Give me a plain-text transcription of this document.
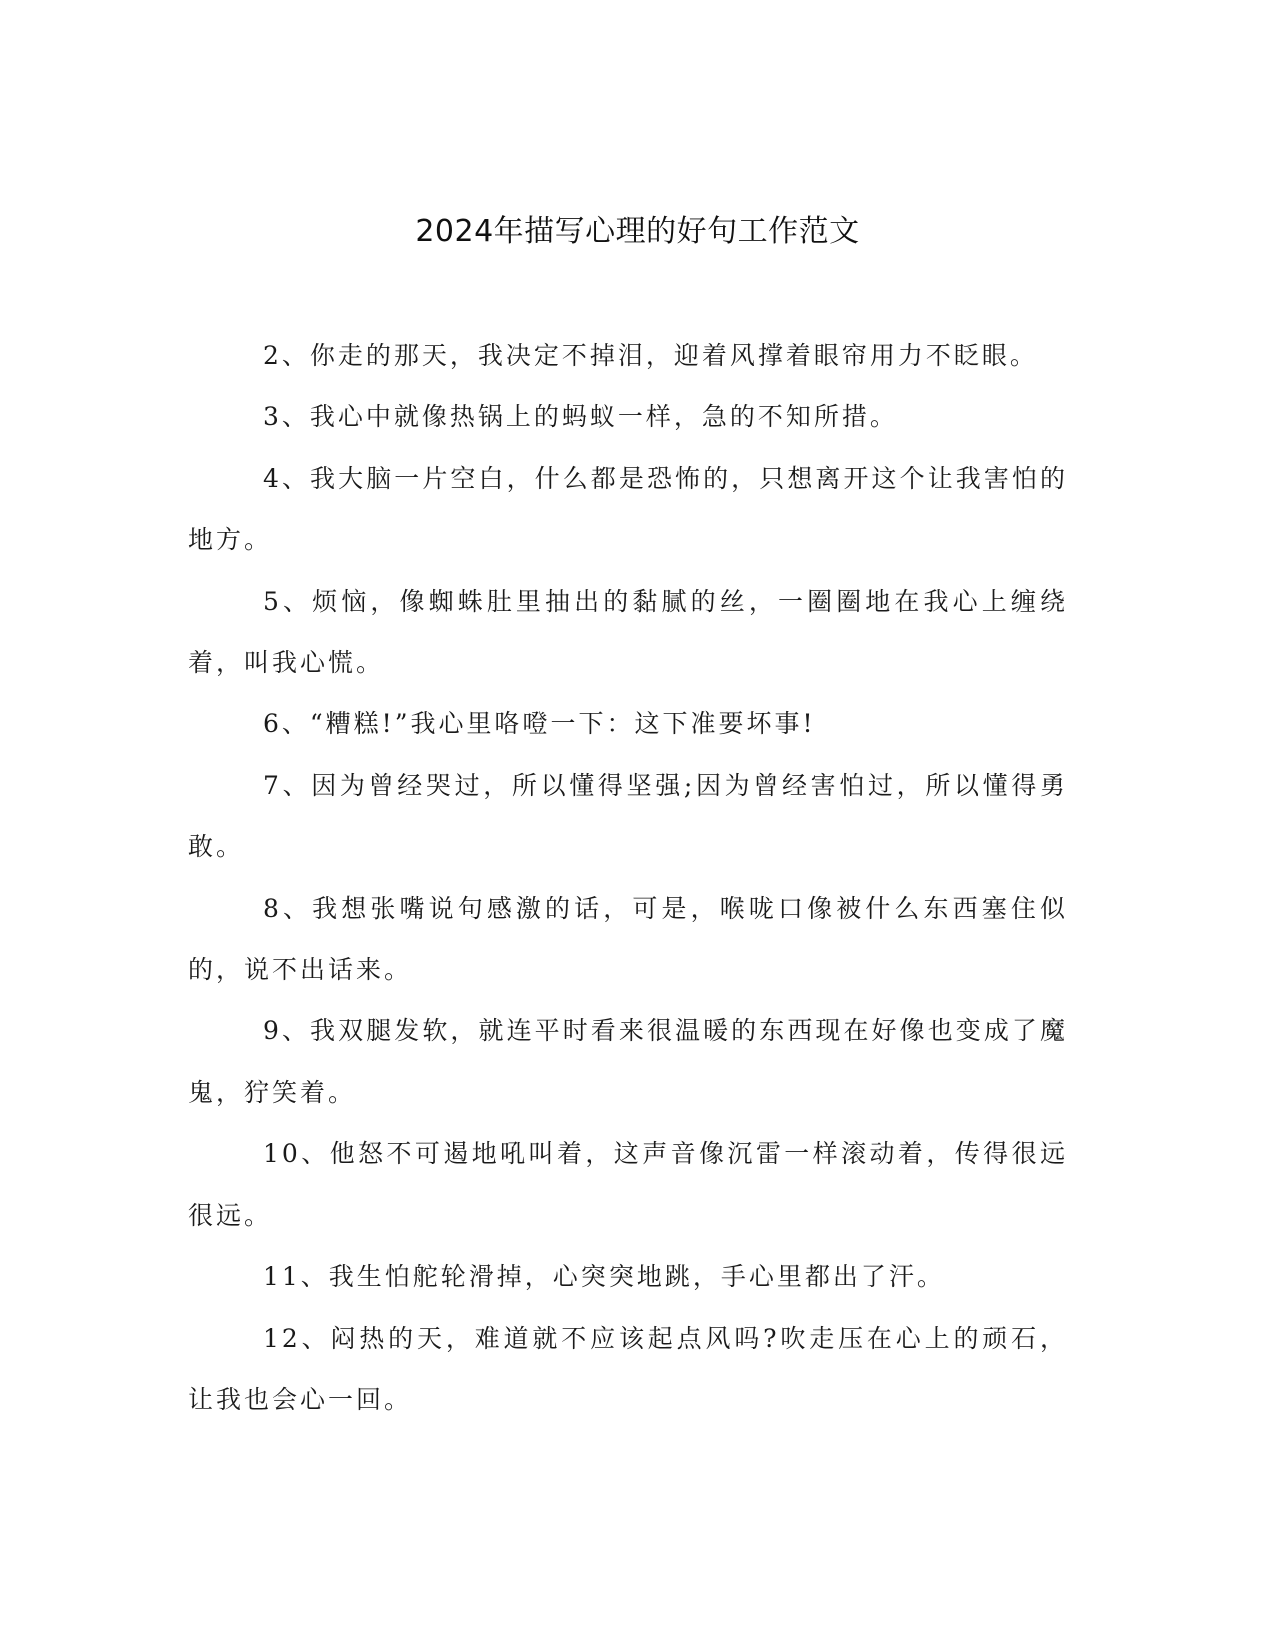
2024年描写心理的好句工作范文

2、你走的那天，我决定不掉泪，迎着风撑着眼帘用力不眨眼。

3、我心中就像热锅上的蚂蚁一样，急的不知所措。

4、我大脑一片空白，什么都是恐怖的，只想离开这个让我害怕的地方。

5、烦恼，像蜘蛛肚里抽出的黏腻的丝，一圈圈地在我心上缠绕着，叫我心慌。

6、“糟糕!”我心里咯噔一下：这下准要坏事!

7、因为曾经哭过，所以懂得坚强;因为曾经害怕过，所以懂得勇敢。

8、我想张嘴说句感激的话，可是，喉咙口像被什么东西塞住似的，说不出话来。

9、我双腿发软，就连平时看来很温暖的东西现在好像也变成了魔鬼，狞笑着。

10、他怒不可遏地吼叫着，这声音像沉雷一样滚动着，传得很远很远。

11、我生怕舵轮滑掉，心突突地跳，手心里都出了汗。

12、闷热的天，难道就不应该起点风吗?吹走压在心上的顽石，让我也会心一回。
